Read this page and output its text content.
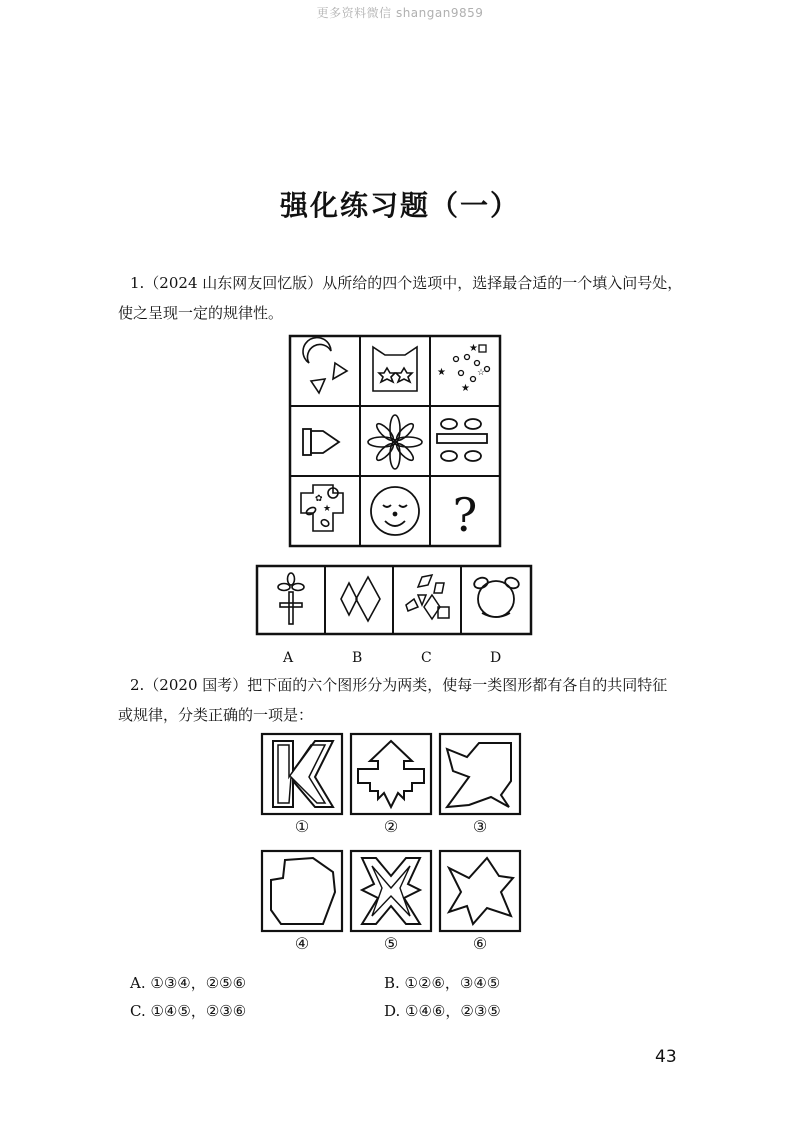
更多资料微信 shangan9859
强化练习题（一）

1.（2024 山东网友回忆版）从所给的四个选项中，选择最合适的一个填入问号处，
使之呈现一定的规律性。

★
★
★
☆
✿
★	?
A	B	C	D

2.（2020 国考）把下面的六个图形分为两类，使每一类图形都有各自的共同特征
或规律，分类正确的一项是：

①	②	③
④	⑤	⑥
A. ①③④，②⑤⑥	B. ①②⑥，③④⑤
C. ①④⑤，②③⑥	D. ①④⑥，②③⑤
43
